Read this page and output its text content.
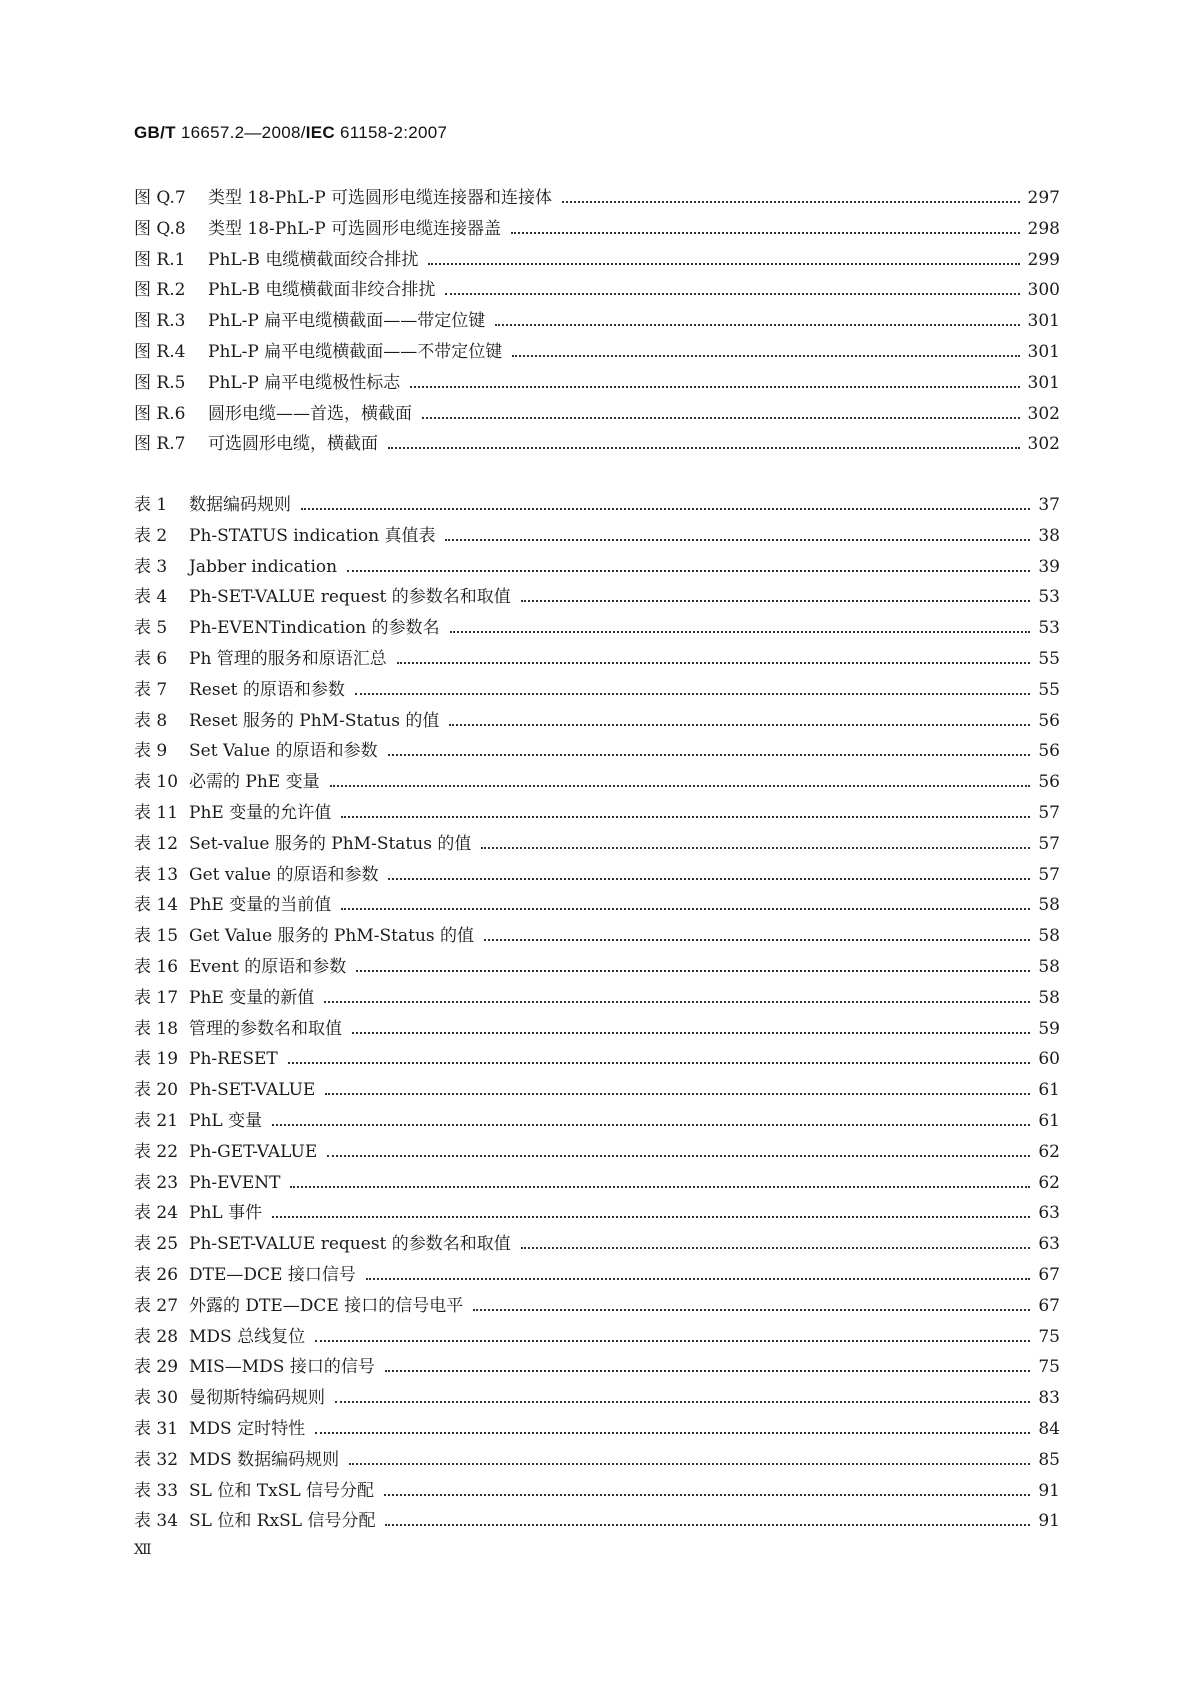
GB/T 16657.2—2008/IEC 61158-2:2007
图 Q.7	类型 18-PhL-P 可选圆形电缆连接器和连接体	297
图 Q.8	类型 18-PhL-P 可选圆形电缆连接器盖	298
图 R.1	PhL-B 电缆横截面绞合排扰	299
图 R.2	PhL-B 电缆横截面非绞合排扰	300
图 R.3	PhL-P 扁平电缆横截面——带定位键	301
图 R.4	PhL-P 扁平电缆横截面——不带定位键	301
图 R.5	PhL-P 扁平电缆极性标志	301
图 R.6	圆形电缆——首选，横截面	302
图 R.7	可选圆形电缆，横截面	302
表 1	数据编码规则	37
表 2	Ph-STATUS indication 真值表	38
表 3	Jabber indication	39
表 4	Ph-SET-VALUE request 的参数名和取值	53
表 5	Ph-EVENTindication 的参数名	53
表 6	Ph 管理的服务和原语汇总	55
表 7	Reset 的原语和参数	55
表 8	Reset 服务的 PhM-Status 的值	56
表 9	Set Value 的原语和参数	56
表 10 必需的 PhE 变量	56
表 11 PhE 变量的允许值	57
表 12 Set-value 服务的 PhM-Status 的值	57
表 13 Get value 的原语和参数	57
表 14 PhE 变量的当前值	58
表 15 Get Value 服务的 PhM-Status 的值	58
表 16 Event 的原语和参数	58
表 17 PhE 变量的新值	58
表 18 管理的参数名和取值	59
表 19 Ph-RESET	60
表 20 Ph-SET-VALUE	61
表 21 PhL 变量	61
表 22 Ph-GET-VALUE	62
表 23 Ph-EVENT	62
表 24 PhL 事件	63
表 25 Ph-SET-VALUE request 的参数名和取值	63
表 26 DTE—DCE 接口信号	67
表 27 外露的 DTE—DCE 接口的信号电平	67
表 28 MDS 总线复位	75
表 29 MIS—MDS 接口的信号	75
表 30 曼彻斯特编码规则	83
表 31 MDS 定时特性	84
表 32 MDS 数据编码规则	85
表 33 SL 位和 TxSL 信号分配	91
表 34 SL 位和 RxSL 信号分配	91
Ⅻ
